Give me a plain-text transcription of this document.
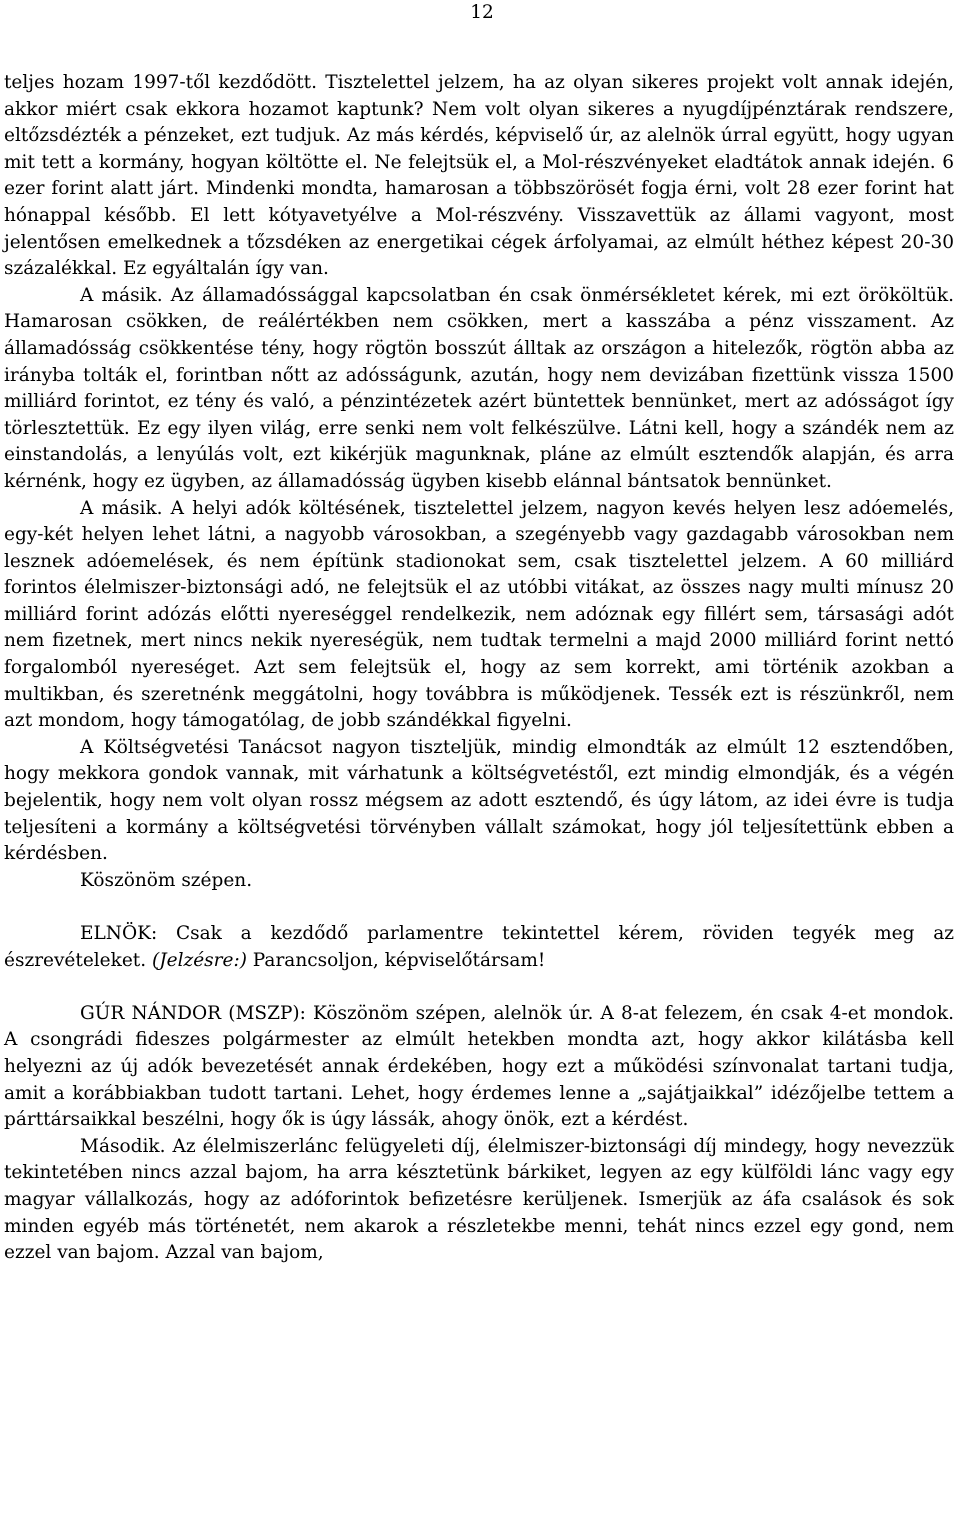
12

teljes hozam 1997-től kezdődött. Tisztelettel jelzem, ha az olyan sikeres projekt volt annak idején, akkor miért csak ekkora hozamot kaptunk? Nem volt olyan sikeres a nyugdíjpénztárak rendszere, eltőzsdézték a pénzeket, ezt tudjuk. Az más kérdés, képviselő úr, az alelnök úrral együtt, hogy ugyan mit tett a kormány, hogyan költötte el. Ne felejtsük el, a Mol-részvényeket eladtátok annak idején. 6 ezer forint alatt járt. Mindenki mondta, hamarosan a többszörösét fogja érni, volt 28 ezer forint hat hónappal később. El lett kótyavetyélve a Mol-részvény. Visszavettük az állami vagyont, most jelentősen emelkednek a tőzsdéken az energetikai cégek árfolyamai, az elmúlt héthez képest 20-30 százalékkal. Ez egyáltalán így van.

A másik. Az államadóssággal kapcsolatban én csak önmérsékletet kérek, mi ezt örököltük. Hamarosan csökken, de reálértékben nem csökken, mert a kasszába a pénz visszament. Az államadósság csökkentése tény, hogy rögtön bosszút álltak az országon a hitelezők, rögtön abba az irányba tolták el, forintban nőtt az adósságunk, azután, hogy nem devizában fizettünk vissza 1500 milliárd forintot, ez tény és való, a pénzintézetek azért büntettek bennünket, mert az adósságot így törlesztettük. Ez egy ilyen világ, erre senki nem volt felkészülve. Látni kell, hogy a szándék nem az einstandolás, a lenyúlás volt, ezt kikérjük magunknak, pláne az elmúlt esztendők alapján, és arra kérnénk, hogy ez ügyben, az államadósság ügyben kisebb elánnal bántsatok bennünket.

A másik. A helyi adók költésének, tisztelettel jelzem, nagyon kevés helyen lesz adóemelés, egy-két helyen lehet látni, a nagyobb városokban, a szegényebb vagy gazdagabb városokban nem lesznek adóemelések, és nem építünk stadionokat sem, csak tisztelettel jelzem. A 60 milliárd forintos élelmiszer-biztonsági adó, ne felejtsük el az utóbbi vitákat, az összes nagy multi mínusz 20 milliárd forint adózás előtti nyereséggel rendelkezik, nem adóznak egy fillért sem, társasági adót nem fizetnek, mert nincs nekik nyereségük, nem tudtak termelni a majd 2000 milliárd forint nettó forgalomból nyereséget. Azt sem felejtsük el, hogy az sem korrekt, ami történik azokban a multikban, és szeretnénk meggátolni, hogy továbbra is működjenek. Tessék ezt is részünkről, nem azt mondom, hogy támogatólag, de jobb szándékkal figyelni.

A Költségvetési Tanácsot nagyon tiszteljük, mindig elmondták az elmúlt 12 esztendőben, hogy mekkora gondok vannak, mit várhatunk a költségvetéstől, ezt mindig elmondják, és a végén bejelentik, hogy nem volt olyan rossz mégsem az adott esztendő, és úgy látom, az idei évre is tudja teljesíteni a kormány a költségvetési törvényben vállalt számokat, hogy jól teljesítettünk ebben a kérdésben.

Köszönöm szépen.

ELNÖK: Csak a kezdődő parlamentre tekintettel kérem, röviden tegyék meg az észrevételeket. (Jelzésre:) Parancsoljon, képviselőtársam!

GÚR NÁNDOR (MSZP): Köszönöm szépen, alelnök úr. A 8-at felezem, én csak 4-et mondok. A csongrádi fideszes polgármester az elmúlt hetekben mondta azt, hogy akkor kilátásba kell helyezni az új adók bevezetését annak érdekében, hogy ezt a működési színvonalat tartani tudja, amit a korábbiakban tudott tartani. Lehet, hogy érdemes lenne a „sajátjaikkal” idézőjelbe tettem a párttársaikkal beszélni, hogy ők is úgy lássák, ahogy önök, ezt a kérdést.

Második. Az élelmiszerlánc felügyeleti díj, élelmiszer-biztonsági díj mindegy, hogy nevezzük tekintetében nincs azzal bajom, ha arra késztetünk bárkiket, legyen az egy külföldi lánc vagy egy magyar vállalkozás, hogy az adóforintok befizetésre kerüljenek. Ismerjük az áfa csalások és sok minden egyéb más történetét, nem akarok a részletekbe menni, tehát nincs ezzel egy gond, nem ezzel van bajom. Azzal van bajom,
